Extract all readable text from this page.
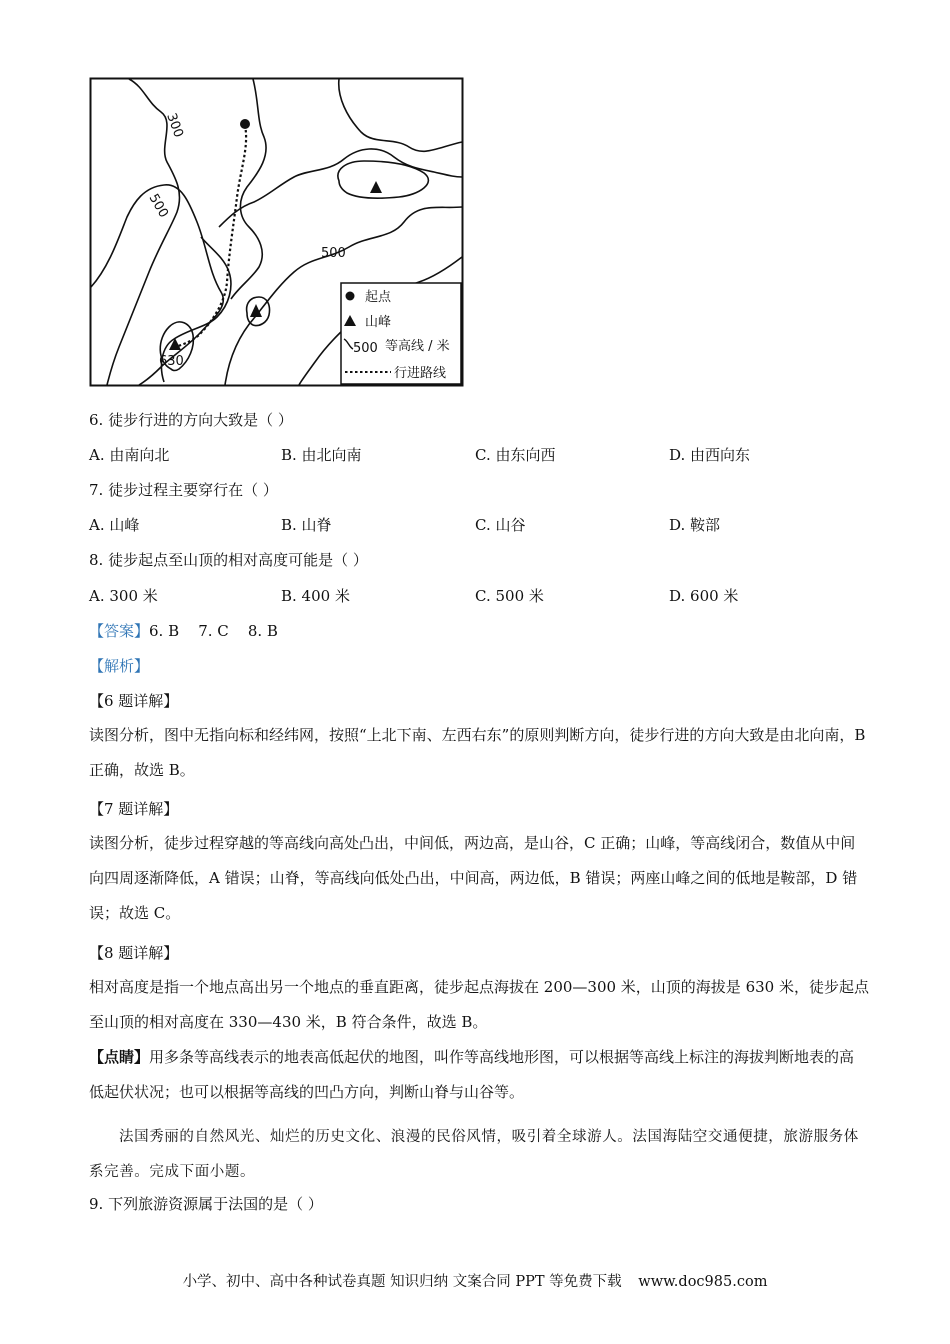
300
500
500
630
起点
山峰
500 等高线 / 米
行进路线
6. 徒步行进的方向大致是（ ）
A. 由南向北	B. 由北向南	C. 由东向西	D. 由西向东
7. 徒步过程主要穿行在（ ）
A. 山峰	B. 山脊	C. 山谷	D. 鞍部
8. 徒步起点至山顶的相对高度可能是（ ）
A. 300 米	B. 400 米	C. 500 米	D. 600 米
【答案】6. B    7. C    8. B
【解析】
【6 题详解】
读图分析，图中无指向标和经纬网，按照“上北下南、左西右东”的原则判断方向，徒步行进的方向大致是由北向南，B 正确，故选 B。
【7 题详解】
读图分析，徒步过程穿越的等高线向高处凸出，中间低，两边高，是山谷，C 正确；山峰，等高线闭合，数值从中间向四周逐渐降低，A 错误；山脊，等高线向低处凸出，中间高，两边低，B 错误；两座山峰之间的低地是鞍部，D 错误；故选 C。
【8 题详解】
相对高度是指一个地点高出另一个地点的垂直距离，徒步起点海拔在 200—300 米，山顶的海拔是 630 米，徒步起点至山顶的相对高度在 330—430 米，B 符合条件，故选 B。
【点睛】用多条等高线表示的地表高低起伏的地图，叫作等高线地形图，可以根据等高线上标注的海拔判断地表的高低起伏状况；也可以根据等高线的凹凸方向，判断山脊与山谷等。
法国秀丽的自然风光、灿烂的历史文化、浪漫的民俗风情，吸引着全球游人。法国海陆空交通便捷，旅游服务体系完善。完成下面小题。
9. 下列旅游资源属于法国的是（ ）
小学、初中、高中各种试卷真题 知识归纳 文案合同 PPT 等免费下载 www.doc985.com
